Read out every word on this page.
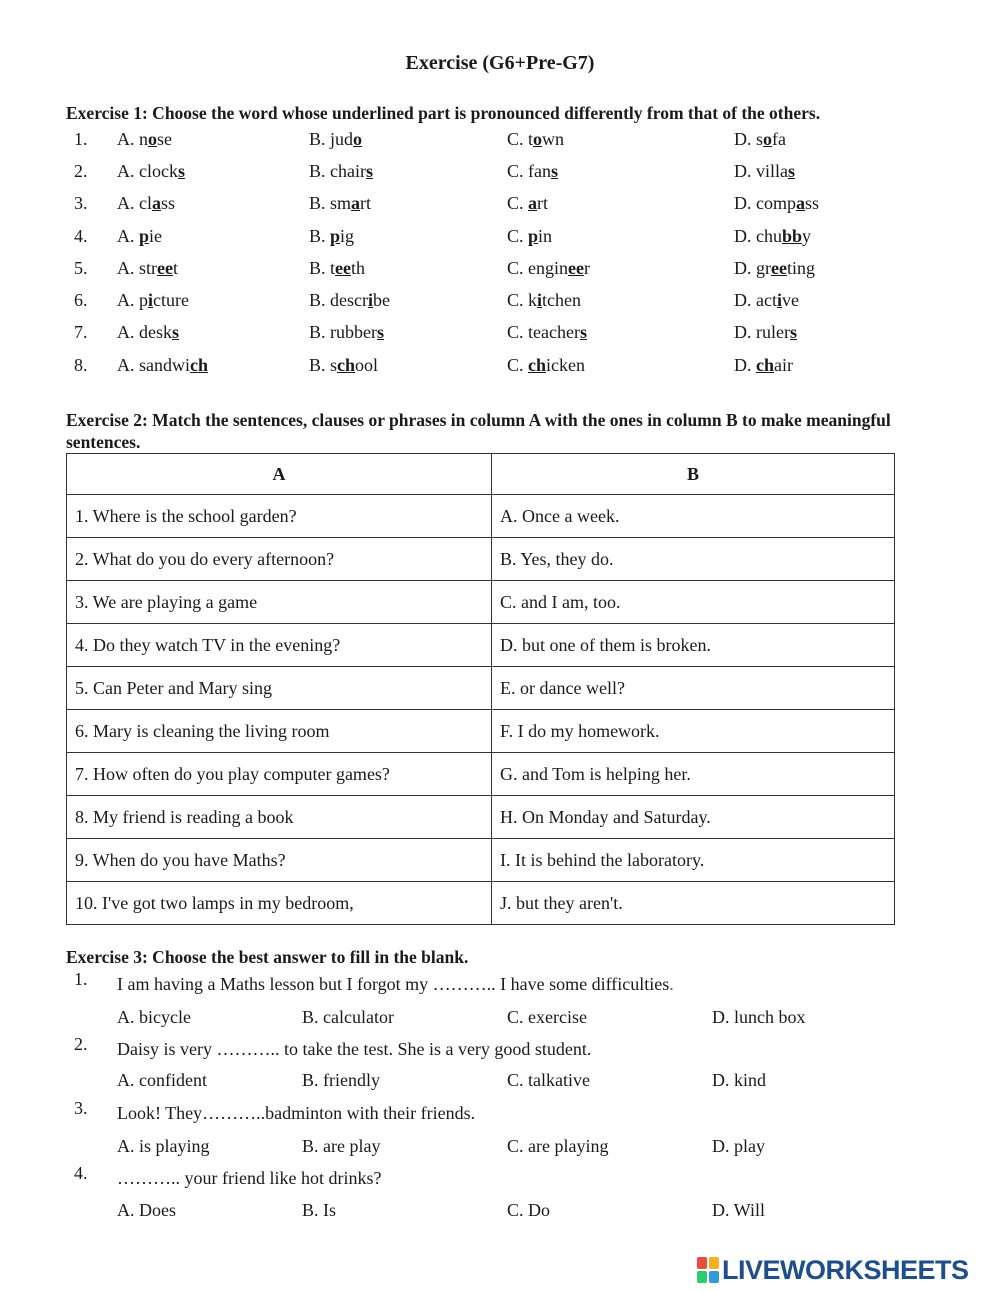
Exercise (G6+Pre-G7)
Exercise 1: Choose the word whose underlined part is pronounced differently from that of the others.
1. A. nose	B. judo	C. town	D. sofa
2. A. clocks	B. chairs	C. fans	D. villas
3. A. class	B. smart	C. art	D. compass
4. A. pie	B. pig	C. pin	D. chubby
5. A. street	B. teeth	C. engineer	D. greeting
6. A. picture	B. describe	C. kitchen	D. active
7. A. desks	B. rubbers	C. teachers	D. rulers
8. A. sandwich	B. school	C. chicken	D. chair
Exercise 2: Match the sentences, clauses or phrases in column A with the ones in column B to make meaningful sentences.
A	B
1. Where is the school garden?	A. Once a week.
2. What do you do every afternoon?	B. Yes, they do.
3. We are playing a game	C. and I am, too.
4. Do they watch TV in the evening?	D. but one of them is broken.
5. Can Peter and Mary sing	E. or dance well?
6. Mary is cleaning the living room	F. I do my homework.
7. How often do you play computer games?	G. and Tom is helping her.
8. My friend is reading a book	H. On Monday and Saturday.
9. When do you have Maths?	I. It is behind the laboratory.
10. I've got two lamps in my bedroom,	J. but they aren't.
Exercise 3: Choose the best answer to fill in the blank.
1. I am having a Maths lesson but I forgot my ……….. I have some difficulties.
A. bicycle	B. calculator	C. exercise	D. lunch box
2. Daisy is very ……….. to take the test. She is a very good student.
A. confident	B. friendly	C. talkative	D. kind
3. Look! They………..badminton with their friends.
A. is playing	B. are play	C. are playing	D. play
4. ……….. your friend like hot drinks?
A. Does	B. Is	C. Do	D. Will
LIVEWORKSHEETS
